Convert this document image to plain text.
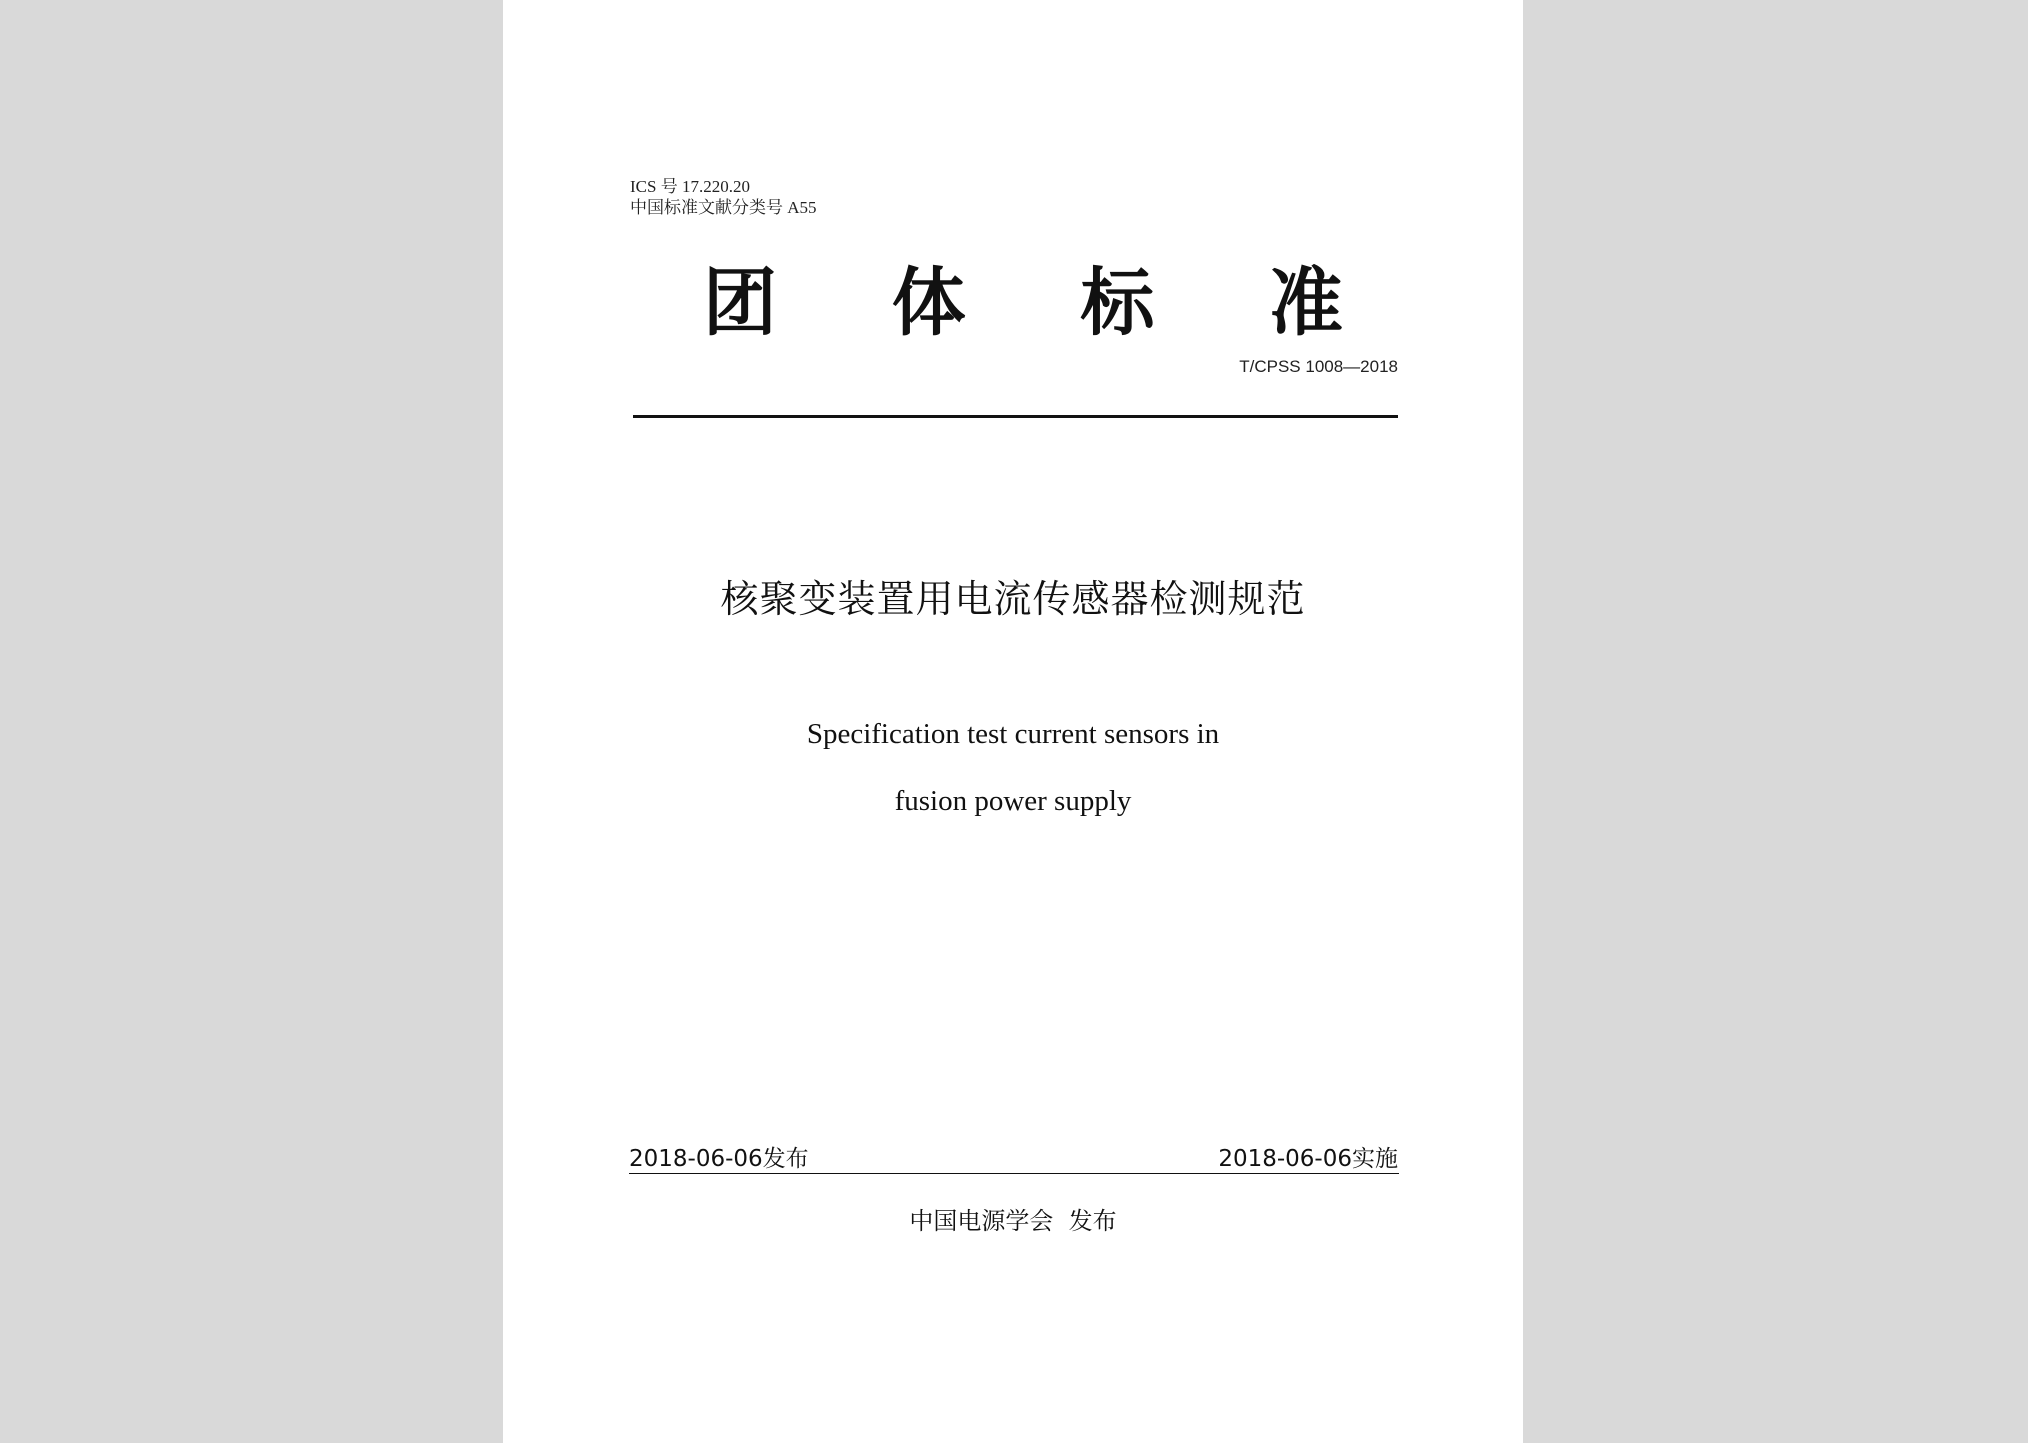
ICS 号 17.220.20
中国标准文献分类号 A55
团 体 标 准
T/CPSS 1008—2018
核聚变装置用电流传感器检测规范
Specification test current sensors in
fusion power supply
2018-06-06发布	2018-06-06实施
中国电源学会  发布
